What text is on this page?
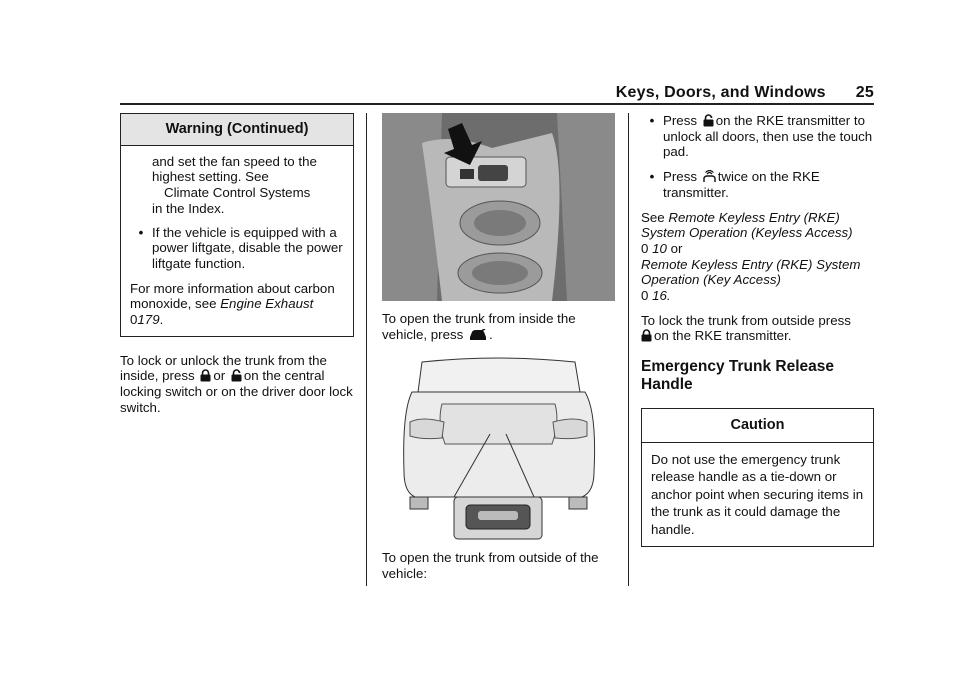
Keys, Doors, and Windows 25
Warning (Continued)

and set the fan speed to the highest setting. See
Climate Control Systems
in the Index.

• If the vehicle is equipped with a power liftgate, disable the power liftgate function.

For more information about carbon monoxide, see Engine Exhaust 0179.

To lock or unlock the trunk from the inside, press or on the central locking switch or on the driver door lock switch.

To open the trunk from inside the vehicle, press .

To open the trunk from outside of the vehicle:

• Press on the RKE transmitter to unlock all doors, then use the touch pad.
• Press twice on the RKE transmitter.

See Remote Keyless Entry (RKE) System Operation (Keyless Access)
0 10 or
Remote Keyless Entry (RKE) System Operation (Key Access)
0 16.

To lock the trunk from outside press

on the RKE transmitter.

Emergency Trunk Release Handle
Caution

Do not use the emergency trunk release handle as a tie-down or anchor point when securing items in the trunk as it could damage the handle.
